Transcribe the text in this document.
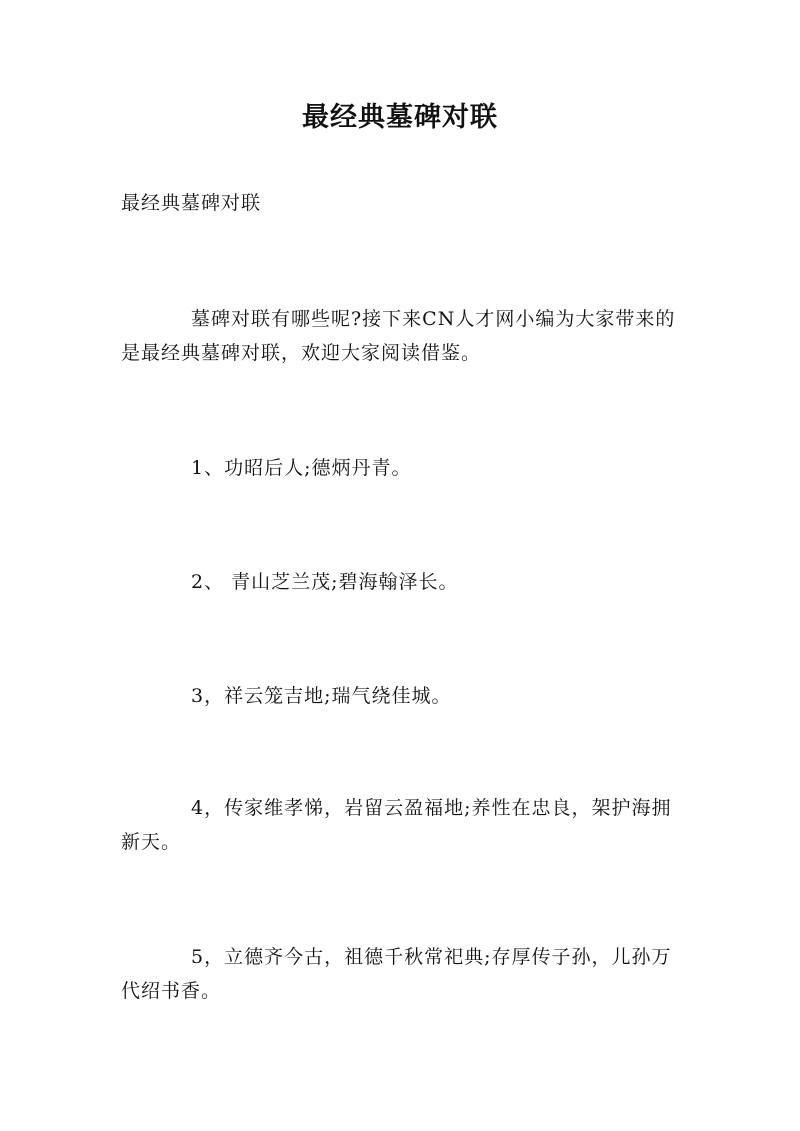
最经典墓碑对联

最经典墓碑对联

墓碑对联有哪些呢?接下来CN人才网小编为大家带来的是最经典墓碑对联，欢迎大家阅读借鉴。

1、功昭后人;德炳丹青。

2、 青山芝兰茂;碧海翰泽长。

3，祥云笼吉地;瑞气绕佳城。

4，传家维孝悌，岩留云盈福地;养性在忠良，架护海拥新天。

5，立德齐今古，祖德千秋常祀典;存厚传子孙，儿孙万代绍书香。
